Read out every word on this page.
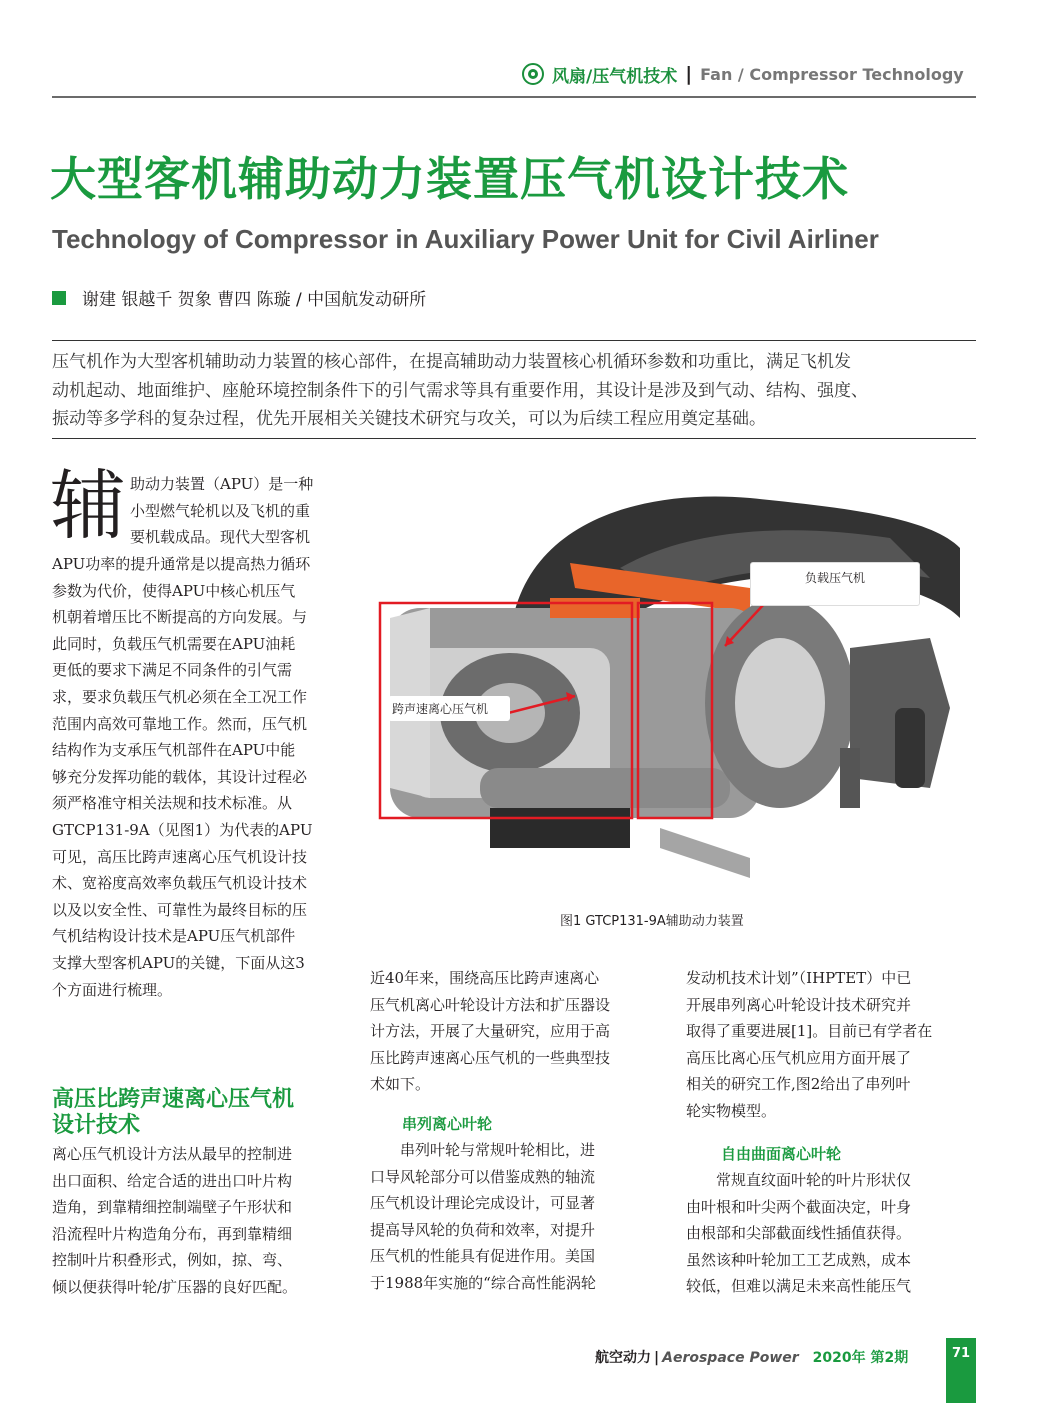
风扇/压气机技术 | Fan / Compressor Technology
大型客机辅助动力装置压气机设计技术
Technology of Compressor in Auxiliary Power Unit for Civil Airliner
谢建 银越千 贺象 曹四 陈璇 / 中国航发动研所
压气机作为大型客机辅助动力装置的核心部件，在提高辅助动力装置核心机循环参数和功重比，满足飞机发
动机起动、地面维护、座舱环境控制条件下的引气需求等具有重要作用，其设计是涉及到气动、结构、强度、
振动等多学科的复杂过程，优先开展相关关键技术研究与攻关，可以为后续工程应用奠定基础。
辅 助动力装置（APU）是一种
小型燃气轮机以及飞机的重
要机载成品。现代大型客机
APU功率的提升通常是以提高热力循环
参数为代价，使得APU中核心机压气
机朝着增压比不断提高的方向发展。与
此同时，负载压气机需要在APU油耗
更低的要求下满足不同条件的引气需
求，要求负载压气机必须在全工况工作
范围内高效可靠地工作。然而，压气机
结构作为支承压气机部件在APU中能
够充分发挥功能的载体，其设计过程必
须严格准守相关法规和技术标准。从
GTCP131-9A（见图1）为代表的APU
可见，高压比跨声速离心压气机设计技
术、宽裕度高效率负载压气机设计技术
以及以安全性、可靠性为最终目标的压
气机结构设计技术是APU压气机部件
支撑大型客机APU的关键，下面从这3
个方面进行梳理。
高压比跨声速离心压气机
设计技术
离心压气机设计方法从最早的控制进
出口面积、给定合适的进出口叶片构
造角，到靠精细控制端壁子午形状和
沿流程叶片构造角分布，再到靠精细
控制叶片积叠形式，例如，掠、弯、
倾以便获得叶轮/扩压器的良好匹配。
负载压气机
跨声速离心压气机
图1 GTCP131-9A辅助动力装置
近40年来，围绕高压比跨声速离心
压气机离心叶轮设计方法和扩压器设
计方法，开展了大量研究，应用于高
压比跨声速离心压气机的一些典型技
术如下。
串列离心叶轮
　　串列叶轮与常规叶轮相比，进
口导风轮部分可以借鉴成熟的轴流
压气机设计理论完成设计，可显著
提高导风轮的负荷和效率，对提升
压气机的性能具有促进作用。美国
于1988年实施的“综合高性能涡轮
发动机技术计划”（IHPTET）中已
开展串列离心叶轮设计技术研究并
取得了重要进展[1]。目前已有学者在
高压比离心压气机应用方面开展了
相关的研究工作,图2给出了串列叶
轮实物模型。
自由曲面离心叶轮
　　常规直纹面叶轮的叶片形状仅
由叶根和叶尖两个截面决定，叶身
由根部和尖部截面线性插值获得。
虽然该种叶轮加工工艺成熟，成本
较低，但难以满足未来高性能压气
航空动力 | Aerospace Power 2020年 第2期	71
